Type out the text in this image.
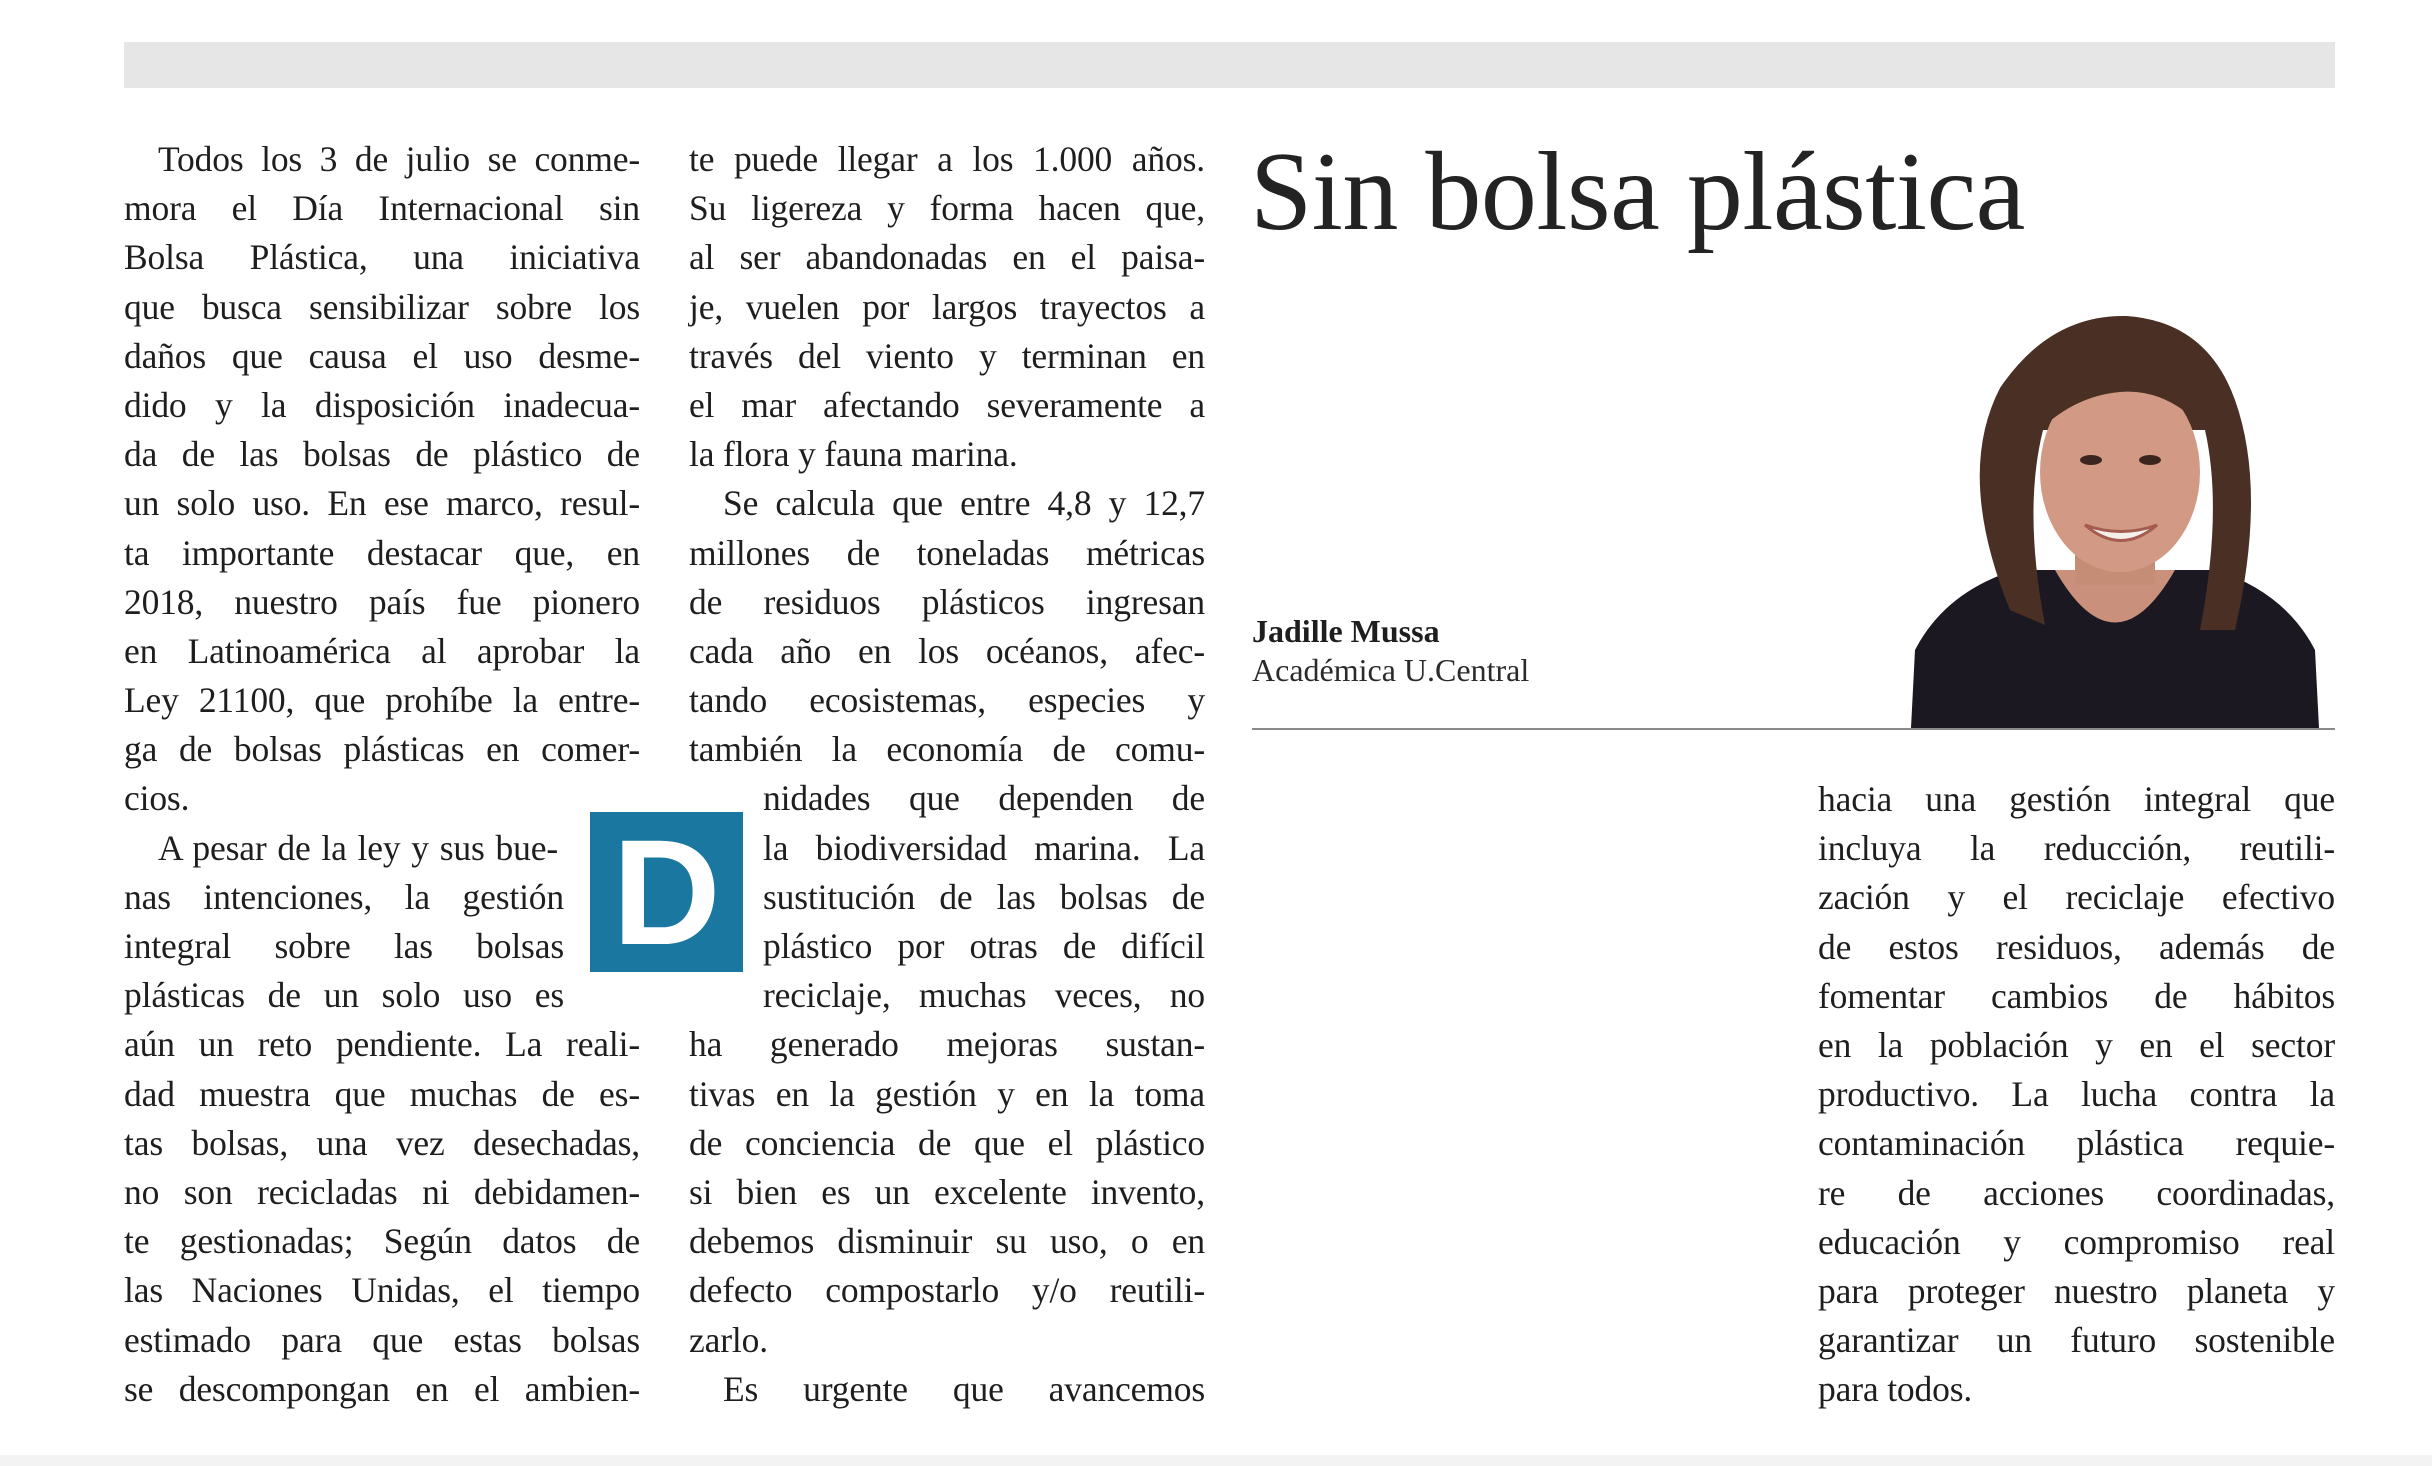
Sin bolsa plástica
Jadille Mussa
Académica U.Central
D
Todos los 3 de julio se conme-
mora el Día Internacional sin
Bolsa Plástica, una iniciativa
que busca sensibilizar sobre los
daños que causa el uso desme-
dido y la disposición inadecua-
da de las bolsas de plástico de
un solo uso. En ese marco, resul-
ta importante destacar que, en
2018, nuestro país fue pionero
en Latinoamérica al aprobar la
Ley 21100, que prohíbe la entre-
ga de bolsas plásticas en comer-
cios.
A pesar de la ley y sus bue-
nas intenciones, la gestión
integral sobre las bolsas
plásticas de un solo uso es
aún un reto pendiente. La reali-
dad muestra que muchas de es-
tas bolsas, una vez desechadas,
no son recicladas ni debidamen-
te gestionadas; Según datos de
las Naciones Unidas, el tiempo
estimado para que estas bolsas
se descompongan en el ambien-
te puede llegar a los 1.000 años.
Su ligereza y forma hacen que,
al ser abandonadas en el paisa-
je, vuelen por largos trayectos a
través del viento y terminan en
el mar afectando severamente a
la flora y fauna marina.
Se calcula que entre 4,8 y 12,7
millones de toneladas métricas
de residuos plásticos ingresan
cada año en los océanos, afec-
tando ecosistemas, especies y
también la economía de comu-
nidades que dependen de
la biodiversidad marina. La
sustitución de las bolsas de
plástico por otras de difícil
reciclaje, muchas veces, no
ha generado mejoras sustan-
tivas en la gestión y en la toma
de conciencia de que el plástico
si bien es un excelente invento,
debemos disminuir su uso, o en
defecto compostarlo y/o reutili-
zarlo.
Es urgente que avancemos
hacia una gestión integral que
incluya la reducción, reutili-
zación y el reciclaje efectivo
de estos residuos, además de
fomentar cambios de hábitos
en la población y en el sector
productivo. La lucha contra la
contaminación plástica requie-
re de acciones coordinadas,
educación y compromiso real
para proteger nuestro planeta y
garantizar un futuro sostenible
para todos.
